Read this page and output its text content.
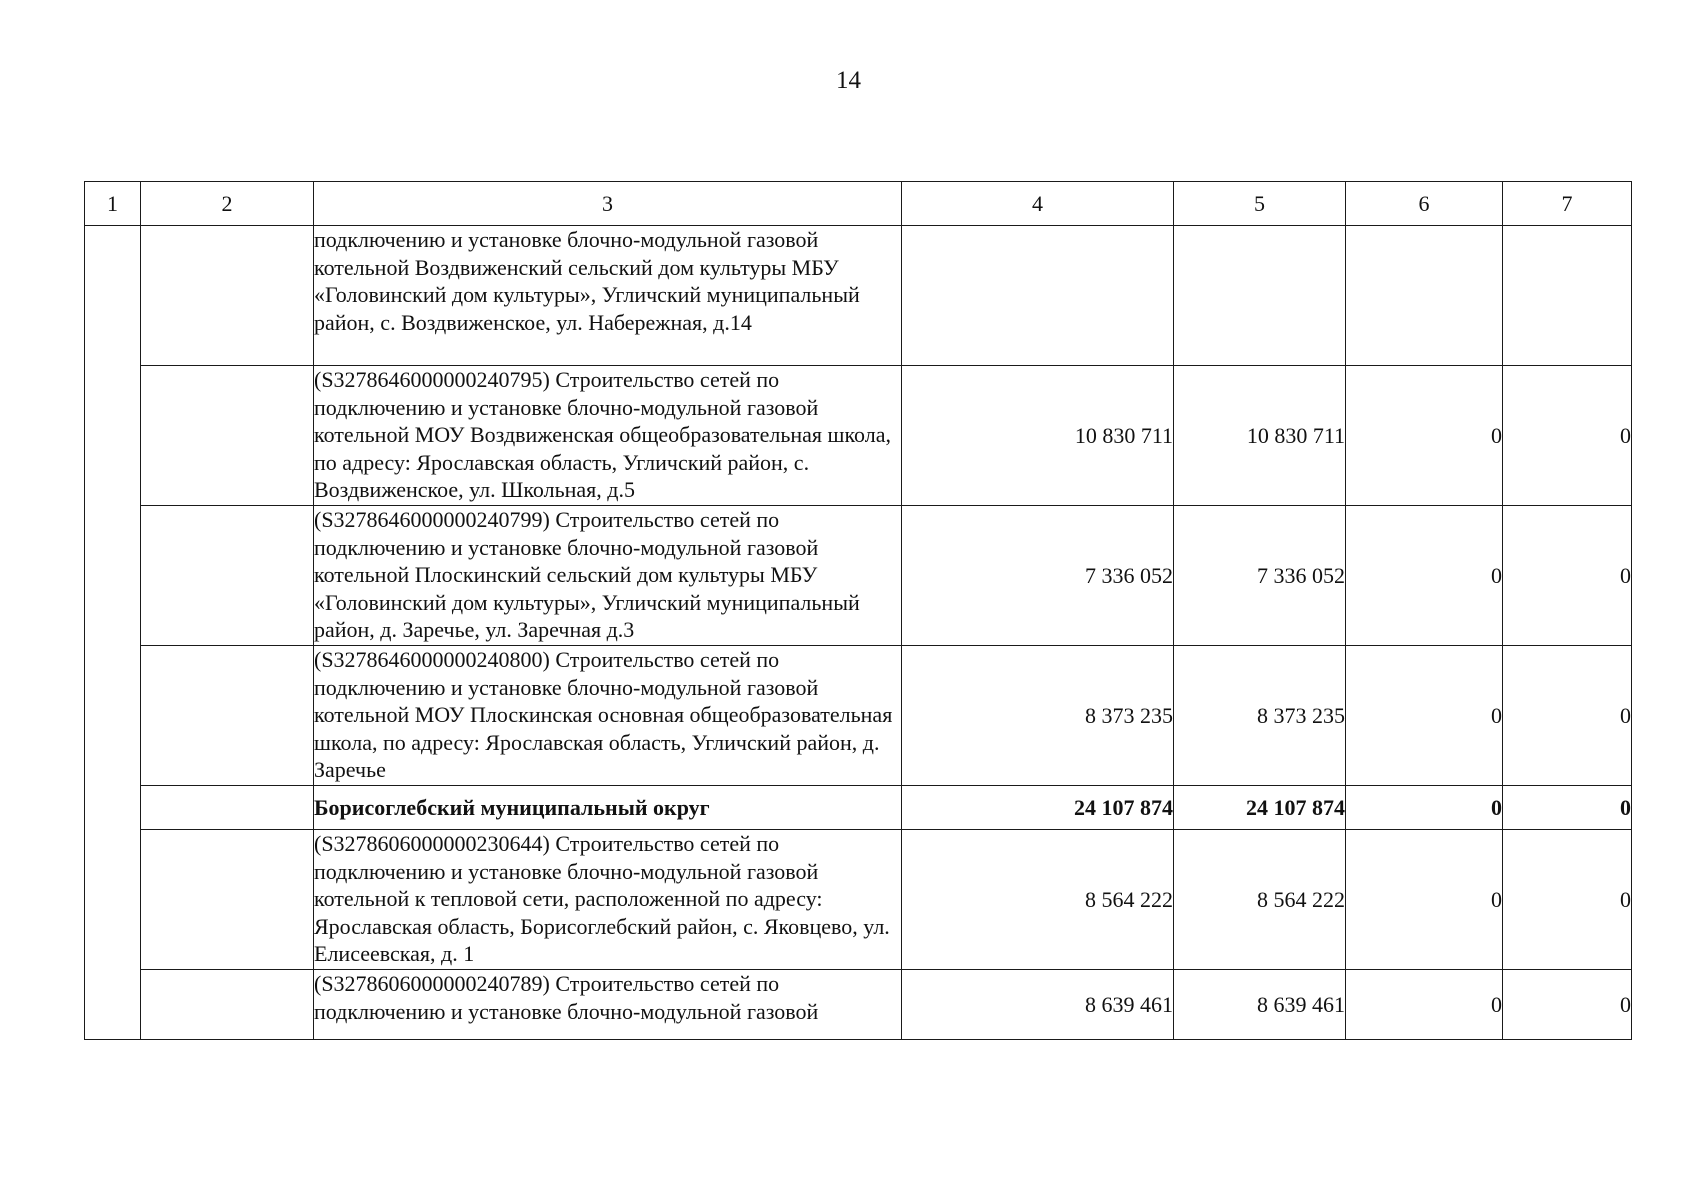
14
1	2	3	4	5	6	7
		подключению и установке блочно-модульной газовой котельной Воздвиженский сельский дом культуры МБУ «Головинский дом культуры», Угличский муниципальный район, с. Воздвиженское, ул. Набережная, д.14				
		(S3278646000000240795) Строительство сетей по подключению и установке блочно-модульной газовой котельной МОУ Воздвиженская общеобразовательная школа, по адресу: Ярославская область, Угличский район, с. Воздвиженское, ул. Школьная, д.5	10 830 711	10 830 711	0	0
		(S3278646000000240799) Строительство сетей по подключению и установке блочно-модульной газовой котельной Плоскинский сельский дом культуры МБУ «Головинский дом культуры», Угличский муниципальный район, д. Заречье, ул. Заречная д.3	7 336 052	7 336 052	0	0
		(S3278646000000240800) Строительство сетей по подключению и установке блочно-модульной газовой котельной МОУ Плоскинская основная общеобразовательная школа, по адресу: Ярославская область, Угличский район, д. Заречье	8 373 235	8 373 235	0	0
		Борисоглебский муниципальный округ	24 107 874	24 107 874	0	0
		(S3278606000000230644) Строительство сетей по подключению и установке блочно-модульной газовой котельной к тепловой сети, расположенной по адресу: Ярославская область, Борисоглебский район, с. Яковцево, ул. Елисеевская, д. 1	8 564 222	8 564 222	0	0
		(S3278606000000240789) Строительство сетей по подключению и установке блочно-модульной газовой	8 639 461	8 639 461	0	0
